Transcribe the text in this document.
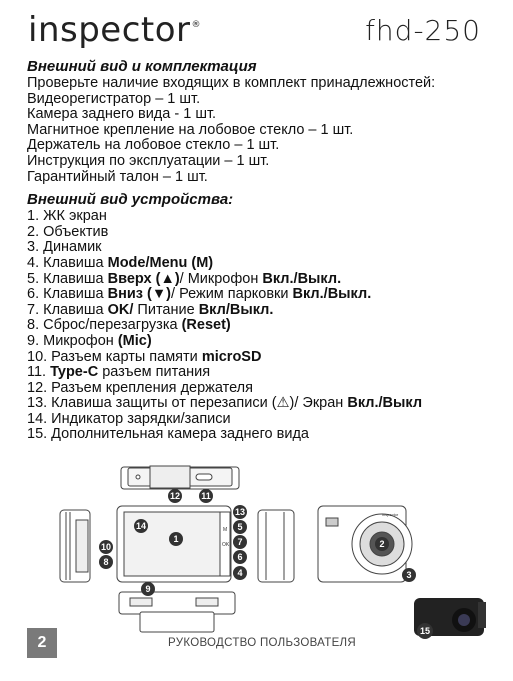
inspector®	fhd-250
Внешний вид и комплектация
Проверьте наличие входящих в комплект принадлежностей:
Видеорегистратор – 1 шт.
Камера заднего вида - 1 шт.
Магнитное крепление на лобовое стекло – 1 шт.
Держатель на лобовое стекло – 1 шт.
Инструкция по эксплуатации – 1 шт.
Гарантийный талон – 1 шт.
Внешний вид устройства:
1. ЖК экран
2. Объектив
3. Динамик
4. Клавиша Mode/Menu (M)
5. Клавиша Вверх (▲)/ Микрофон Вкл./Выкл.
6. Клавиша Вниз (▼)/ Режим парковки Вкл./Выкл.
7. Клавиша OK/ Питание Вкл/Выкл.
8. Сброс/перезагрузка (Reset)
9. Микрофон (Mic)
10. Разъем карты памяти microSD
11. Type-C разъем питания
12. Разъем крепления держателя
13. Клавиша защиты от перезаписи (⚠)/ Экран Вкл./Выкл
14. Индикатор зарядки/записи
15. Дополнительная камера заднего вида
OK
M
inspector
1	2
3
4
5
6
7
8
9
10
11
12
13
14
15
2	РУКОВОДСТВО ПОЛЬЗОВАТЕЛЯ
